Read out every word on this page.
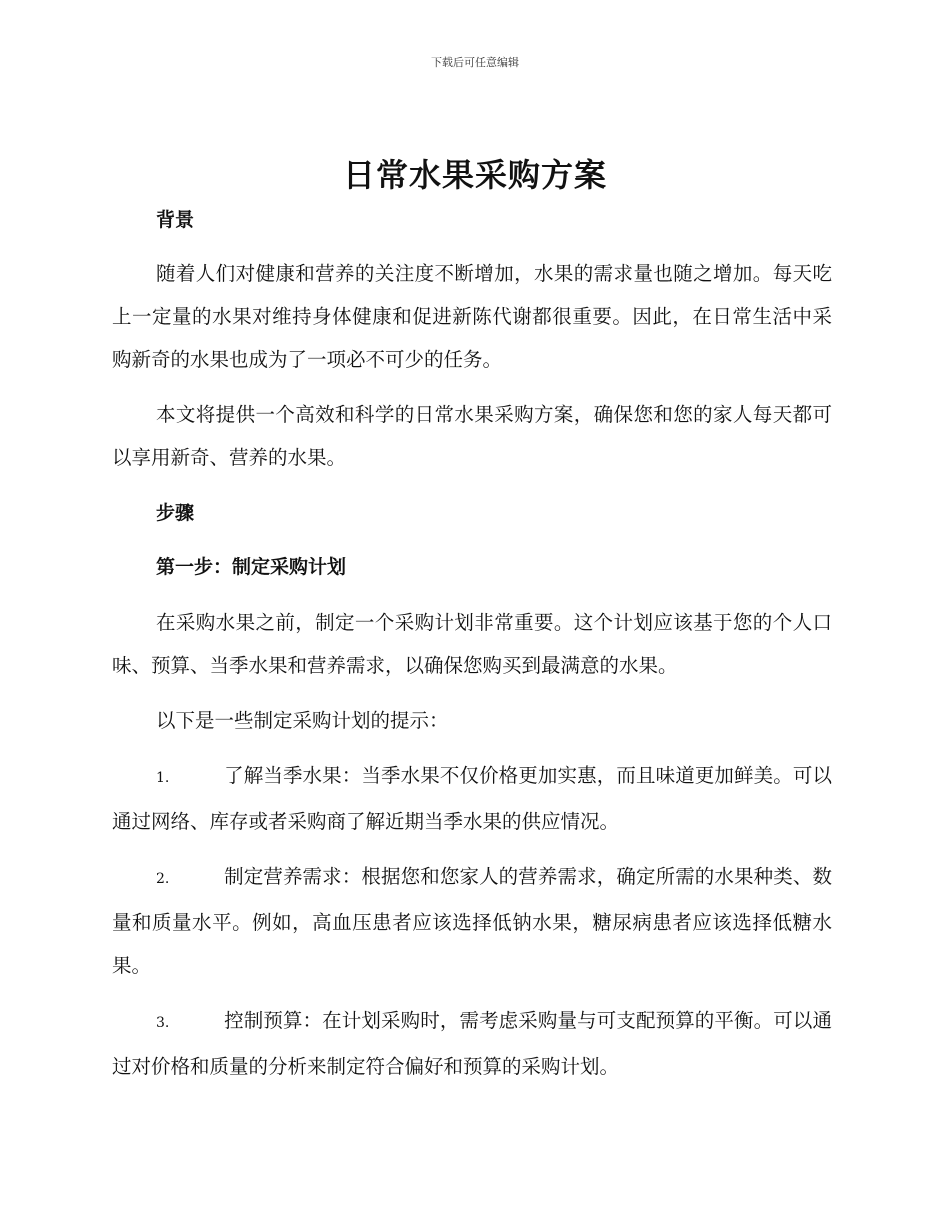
下载后可任意编辑
日常水果采购方案
背景

随着人们对健康和营养的关注度不断增加，水果的需求量也随之增加。每天吃上一定量的水果对维持身体健康和促进新陈代谢都很重要。因此，在日常生活中采购新奇的水果也成为了一项必不可少的任务。

本文将提供一个高效和科学的日常水果采购方案，确保您和您的家人每天都可以享用新奇、营养的水果。

步骤
第一步：制定采购计划

在采购水果之前，制定一个采购计划非常重要。这个计划应该基于您的个人口味、预算、当季水果和营养需求，以确保您购买到最满意的水果。

以下是一些制定采购计划的提示：

1.	了解当季水果：当季水果不仅价格更加实惠，而且味道更加鲜美。可以通过网络、库存或者采购商了解近期当季水果的供应情况。

2.	制定营养需求：根据您和您家人的营养需求，确定所需的水果种类、数量和质量水平。例如，高血压患者应该选择低钠水果，糖尿病患者应该选择低糖水果。

3.	控制预算：在计划采购时，需考虑采购量与可支配预算的平衡。可以通过对价格和质量的分析来制定符合偏好和预算的采购计划。
